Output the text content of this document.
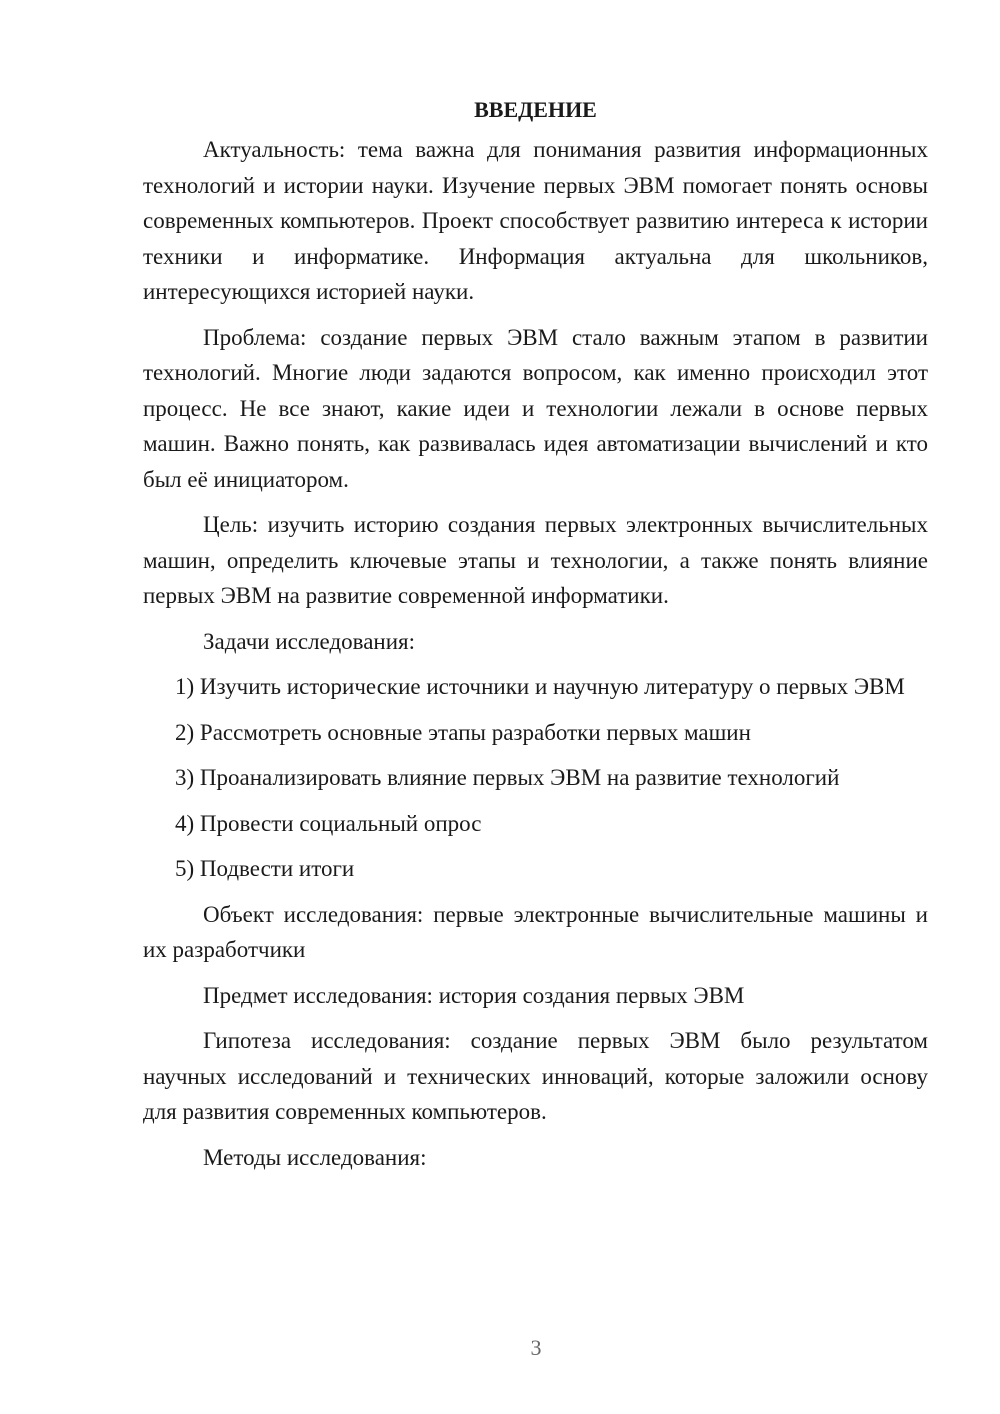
ВВЕДЕНИЕ

Актуальность: тема важна для понимания развития информационных технологий и истории науки. Изучение первых ЭВМ помогает понять основы современных компьютеров. Проект способствует развитию интереса к истории техники и информатике. Информация актуальна для школьников, интересующихся историей науки.

Проблема: создание первых ЭВМ стало важным этапом в развитии технологий. Многие люди задаются вопросом, как именно происходил этот процесс. Не все знают, какие идеи и технологии лежали в основе первых машин. Важно понять, как развивалась идея автоматизации вычислений и кто был её инициатором.

Цель: изучить историю создания первых электронных вычислительных машин, определить ключевые этапы и технологии, а также понять влияние первых ЭВМ на развитие современной информатики.

Задачи исследования:

1) Изучить исторические источники и научную литературу о первых ЭВМ

2) Рассмотреть основные этапы разработки первых машин

3) Проанализировать влияние первых ЭВМ на развитие технологий

4) Провести социальный опрос

5) Подвести итоги

Объект исследования: первые электронные вычислительные машины и их разработчики

Предмет исследования: история создания первых ЭВМ

Гипотеза исследования: создание первых ЭВМ было результатом научных исследований и технических инноваций, которые заложили основу для развития современных компьютеров.

Методы исследования:

3
